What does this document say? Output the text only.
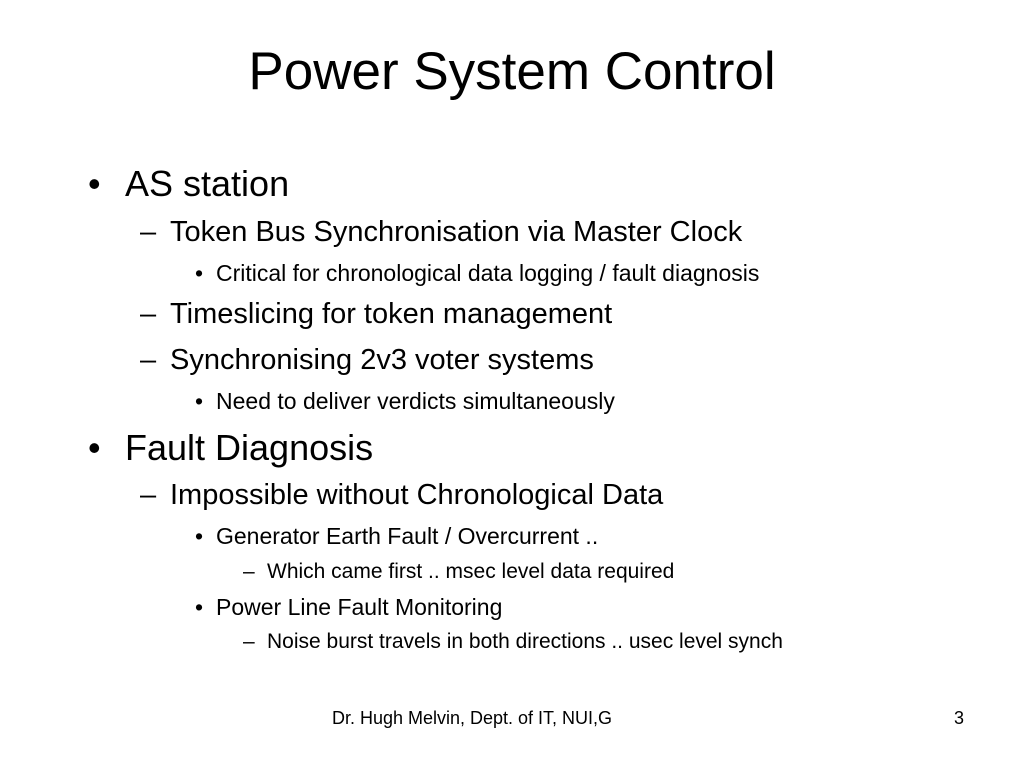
Power System Control
• AS station
– Token Bus Synchronisation via Master Clock
• Critical for chronological data logging / fault diagnosis
– Timeslicing for token management
– Synchronising 2v3 voter systems
• Need to deliver verdicts simultaneously
• Fault Diagnosis
– Impossible without Chronological Data
• Generator Earth Fault / Overcurrent ..
– Which came first .. msec level data required
• Power Line Fault Monitoring
– Noise burst travels in both directions .. usec level synch
Dr. Hugh Melvin, Dept. of IT, NUI,G	3
